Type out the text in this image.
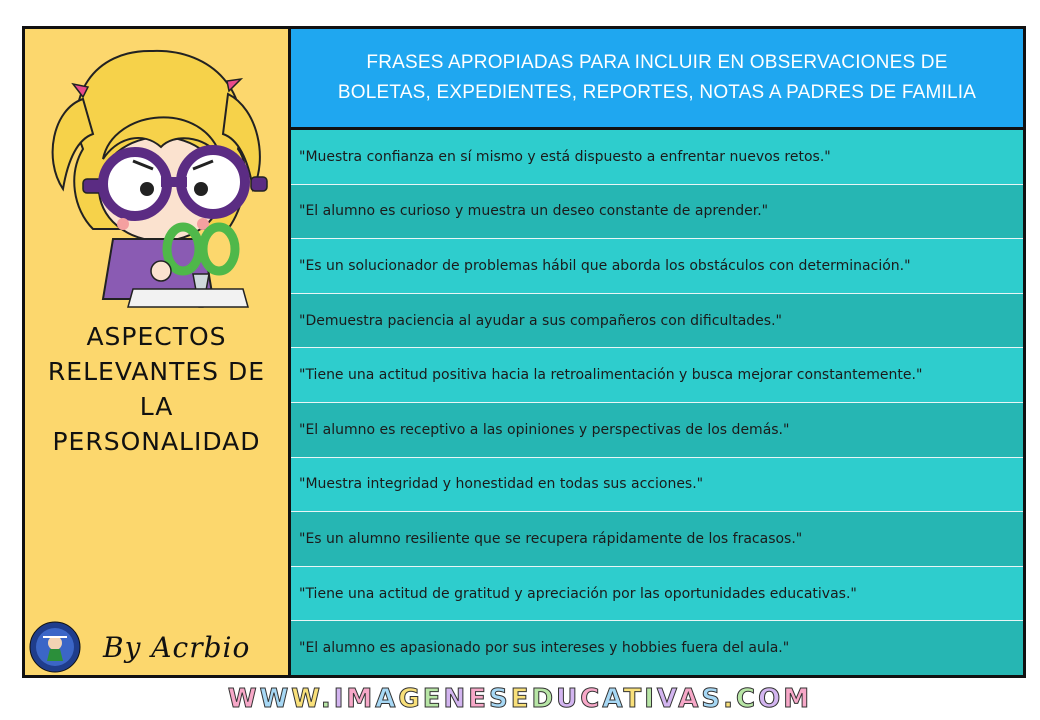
ASPECTOS
RELEVANTES DE
LA
PERSONALIDAD
By Acrbio
FRASES APROPIADAS PARA INCLUIR EN OBSERVACIONES DE
BOLETAS, EXPEDIENTES, REPORTES, NOTAS A PADRES DE FAMILIA
"Muestra confianza en sí mismo y está dispuesto a enfrentar nuevos retos."
"El alumno es curioso y muestra un deseo constante de aprender."
"Es un solucionador de problemas hábil que aborda los obstáculos con determinación."
"Demuestra paciencia al ayudar a sus compañeros con dificultades."
"Tiene una actitud positiva hacia la retroalimentación y busca mejorar constantemente."
"El alumno es receptivo a las opiniones y perspectivas de los demás."
"Muestra integridad y honestidad en todas sus acciones."
"Es un alumno resiliente que se recupera rápidamente de los fracasos."
"Tiene una actitud de gratitud y apreciación por las oportunidades educativas."
"El alumno es apasionado por sus intereses y hobbies fuera del aula."
WWW.IMAGENESEDUCATIVAS.COM
